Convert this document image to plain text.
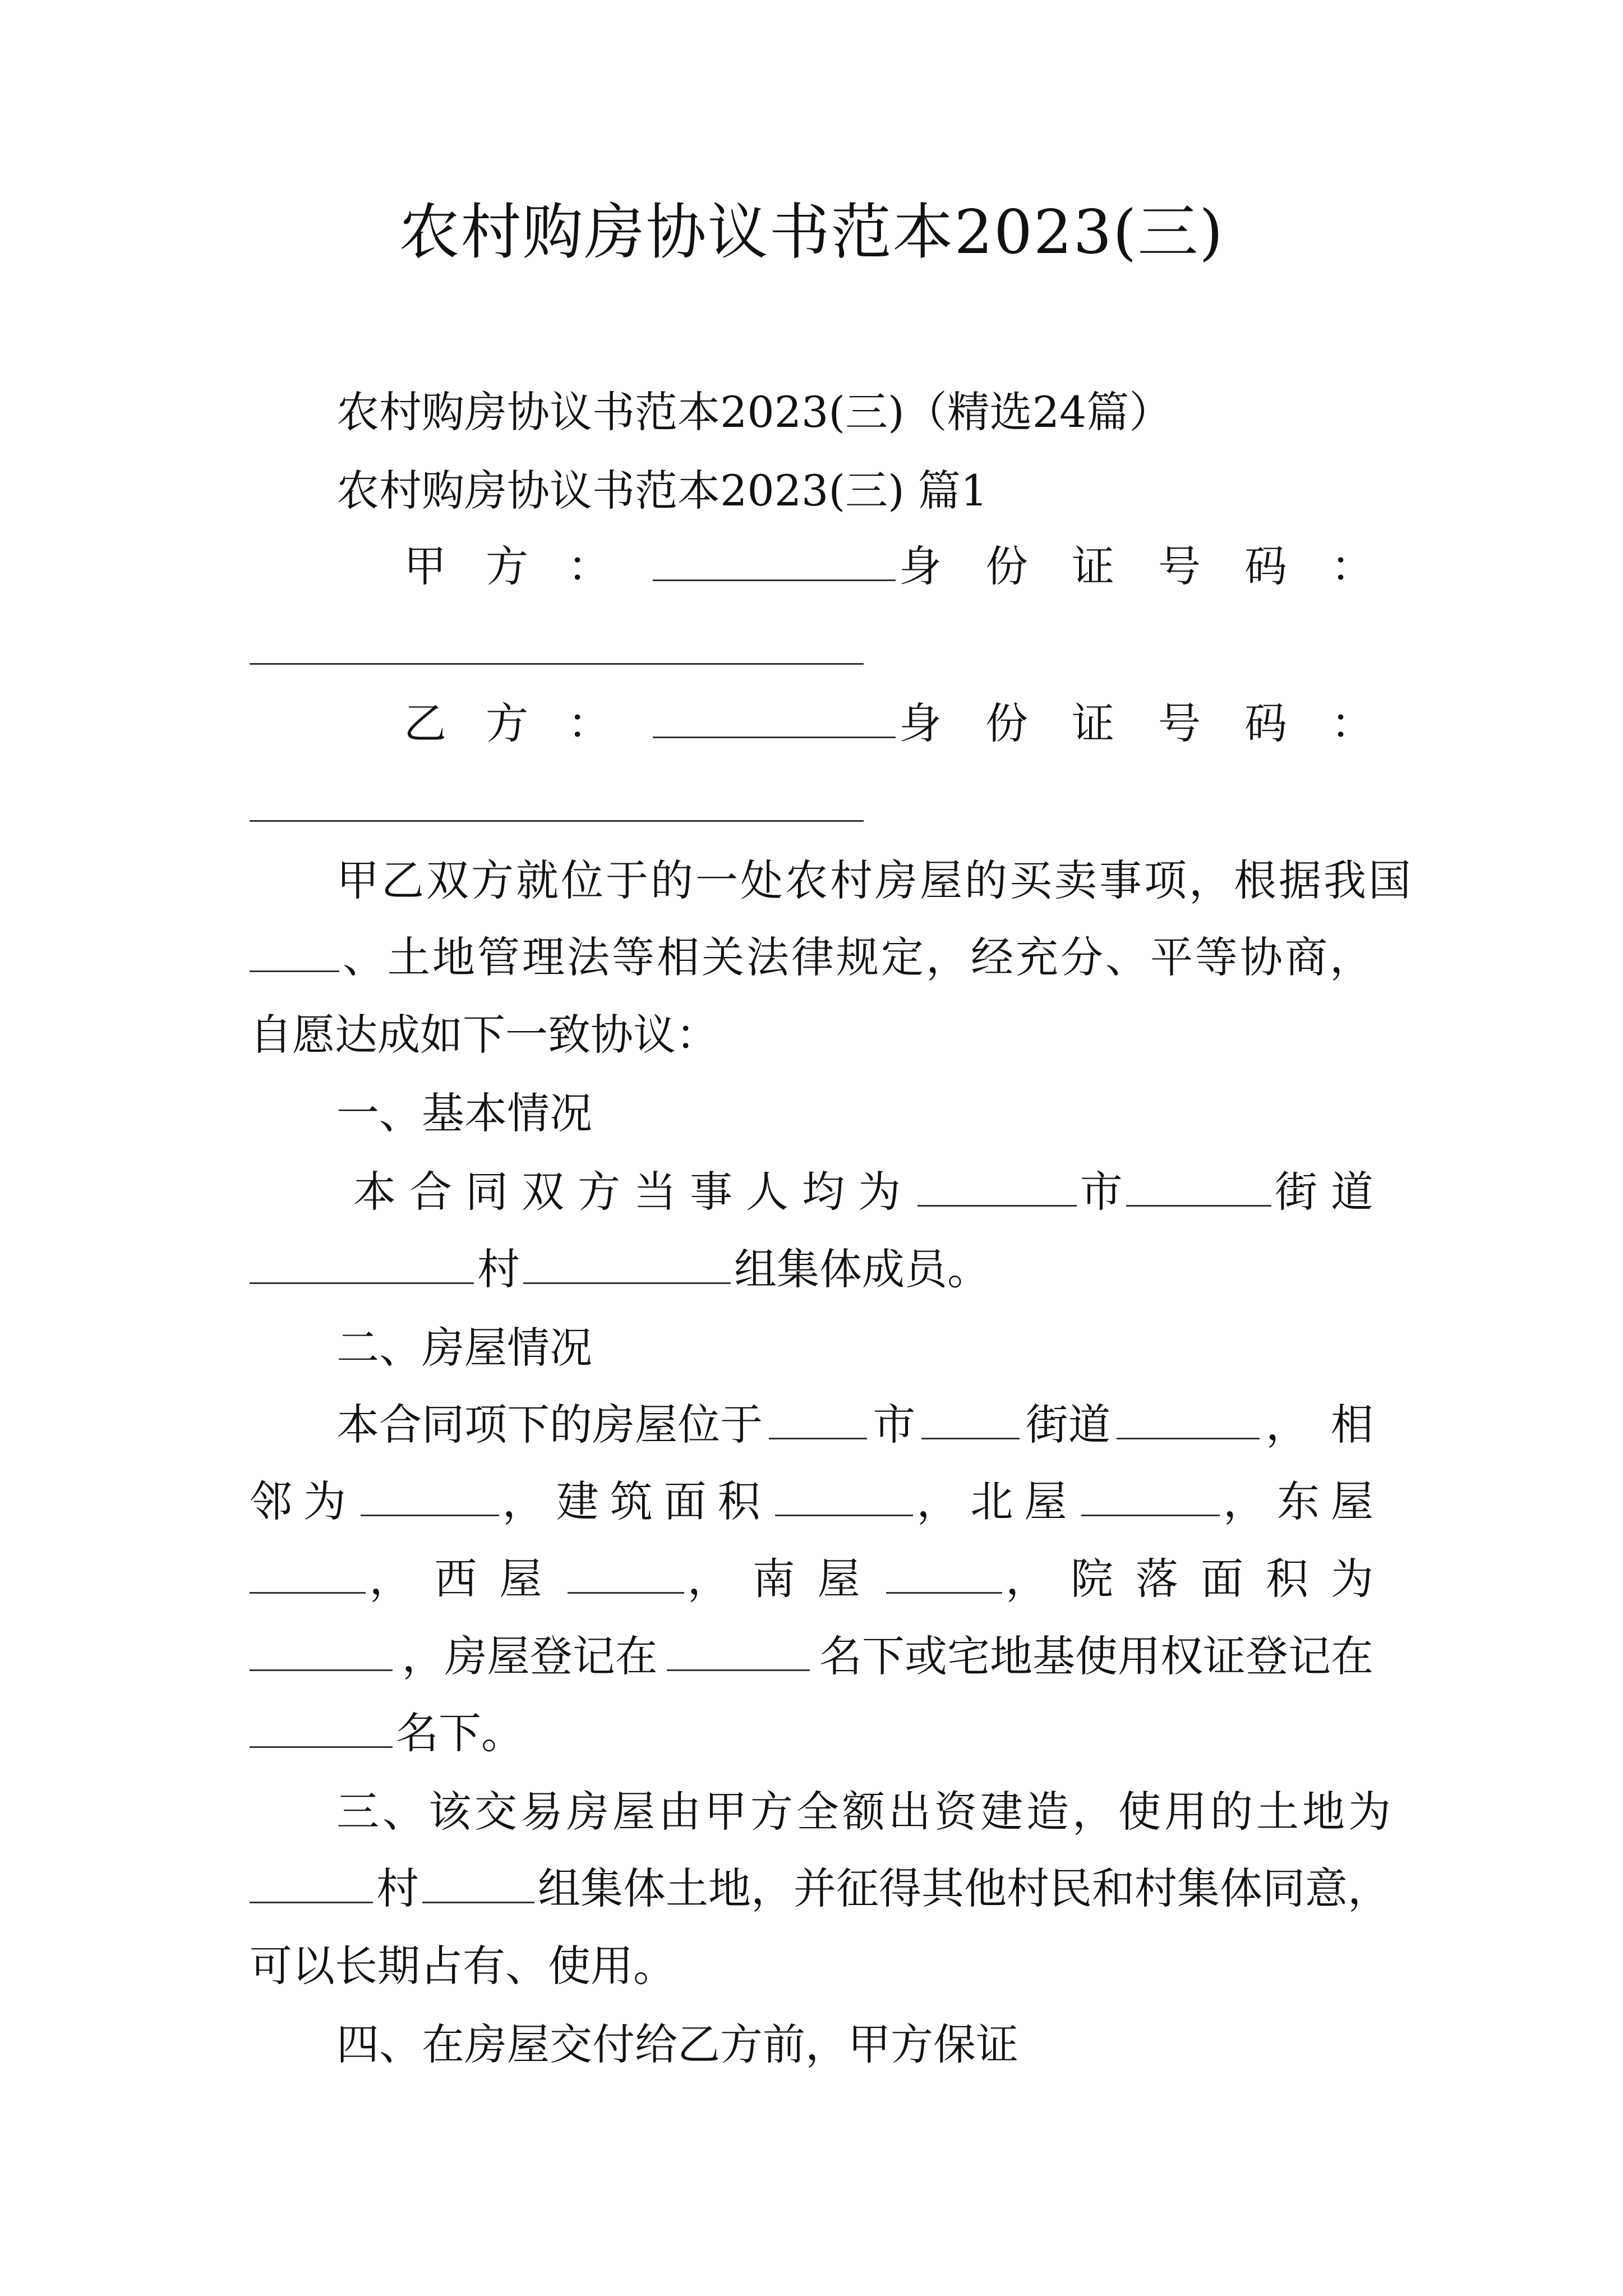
农村购房协议书范本2023(三)
农村购房协议书范本2023(三)（精选24篇）
农村购房协议书范本2023(三) 篇1
甲方：	身份证号码：
乙方：	身份证号码：
甲乙双方就位于的一处农村房屋的买卖事项，根据我国
、土地管理法等相关法律规定，经充分、平等协商，
自愿达成如下一致协议：
一、基本情况
本合同双方当事人均为	市	街道
村	组集体成员。
二、房屋情况
本合同项下的房屋位于	市	街道	，相
邻为	，建筑面积	，北屋	，东屋
，西屋	，南屋	，院落面积为
，房屋登记在	名下或宅地基使用权证登记在
名下。
三、该交易房屋由甲方全额出资建造，使用的土地为
村	组集体土地，并征得其他村民和村集体同意，
可以长期占有、使用。
四、在房屋交付给乙方前，甲方保证
